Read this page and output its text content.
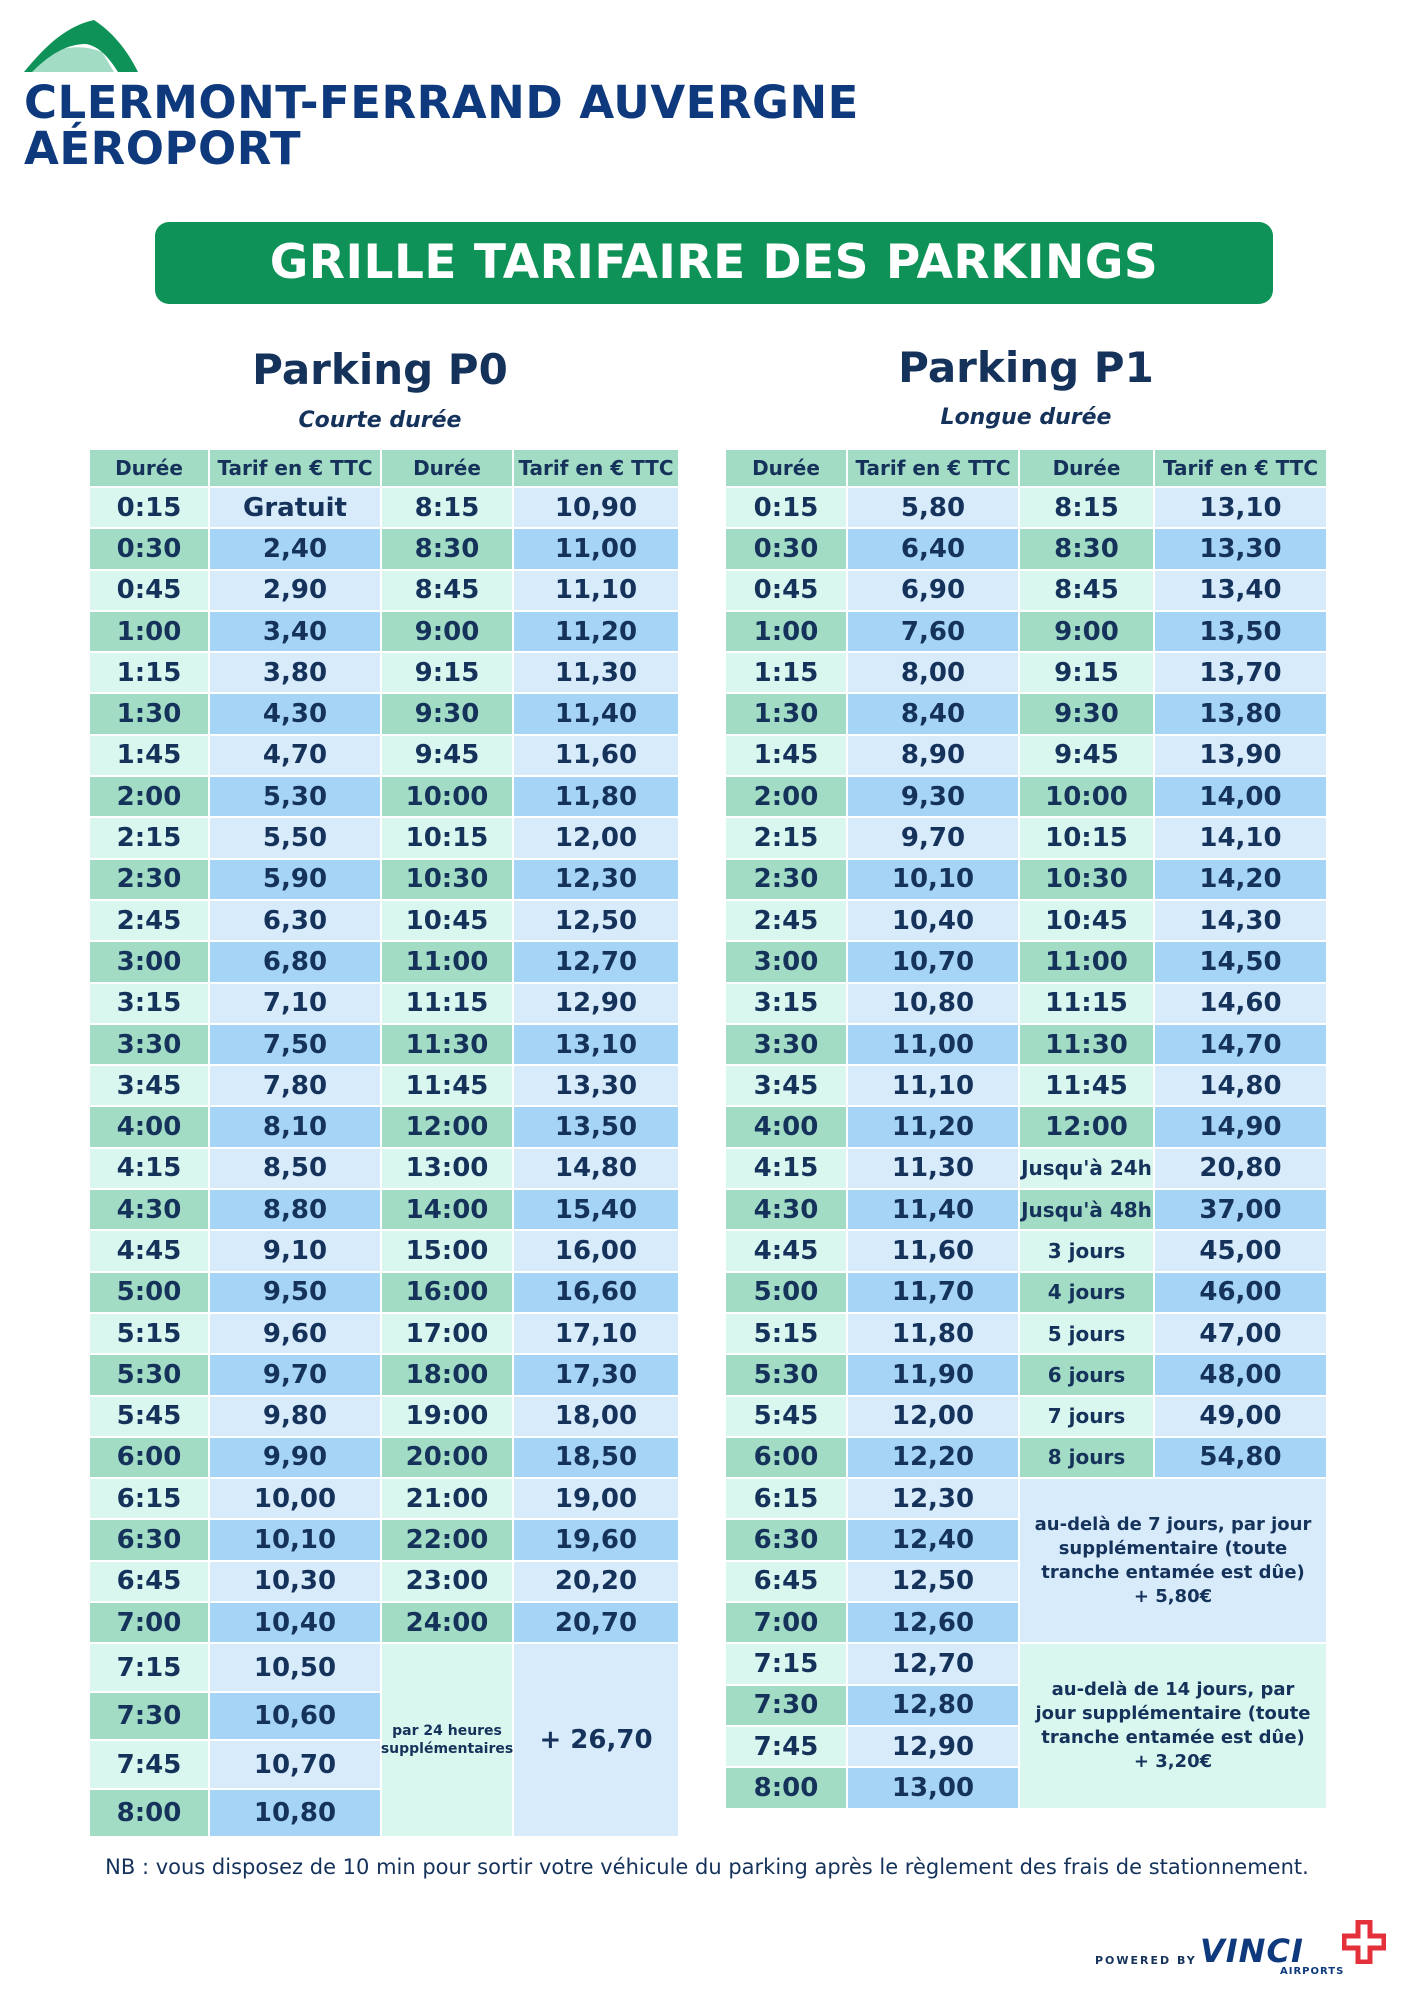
CLERMONT-FERRAND AUVERGNE
AÉROPORT
GRILLE TARIFAIRE DES PARKINGS VOITURE
Parking P0
Courte durée
Parking P1
Longue durée
Durée	Tarif en € TTC	Durée	Tarif en € TTC
0:15	Gratuit	8:15	10,90
0:30	2,40	8:30	11,00
0:45	2,90	8:45	11,10
1:00	3,40	9:00	11,20
1:15	3,80	9:15	11,30
1:30	4,30	9:30	11,40
1:45	4,70	9:45	11,60
2:00	5,30	10:00	11,80
2:15	5,50	10:15	12,00
2:30	5,90	10:30	12,30
2:45	6,30	10:45	12,50
3:00	6,80	11:00	12,70
3:15	7,10	11:15	12,90
3:30	7,50	11:30	13,10
3:45	7,80	11:45	13,30
4:00	8,10	12:00	13,50
4:15	8,50	13:00	14,80
4:30	8,80	14:00	15,40
4:45	9,10	15:00	16,00
5:00	9,50	16:00	16,60
5:15	9,60	17:00	17,10
5:30	9,70	18:00	17,30
5:45	9,80	19:00	18,00
6:00	9,90	20:00	18,50
6:15	10,00	21:00	19,00
6:30	10,10	22:00	19,60
6:45	10,30	23:00	20,20
7:00	10,40	24:00	20,70
7:15	10,50
7:30	10,60
7:45	10,70
8:00	10,80
par 24 heures supplémentaires	+ 26,70
Durée	Tarif en € TTC	Durée	Tarif en € TTC
0:15	5,80	8:15	13,10
0:30	6,40	8:30	13,30
0:45	6,90	8:45	13,40
1:00	7,60	9:00	13,50
1:15	8,00	9:15	13,70
1:30	8,40	9:30	13,80
1:45	8,90	9:45	13,90
2:00	9,30	10:00	14,00
2:15	9,70	10:15	14,10
2:30	10,10	10:30	14,20
2:45	10,40	10:45	14,30
3:00	10,70	11:00	14,50
3:15	10,80	11:15	14,60
3:30	11,00	11:30	14,70
3:45	11,10	11:45	14,80
4:00	11,20	12:00	14,90
4:15	11,30	Jusqu'à 24h	20,80
4:30	11,40	Jusqu'à 48h	37,00
4:45	11,60	3 jours	45,00
5:00	11,70	4 jours	46,00
5:15	11,80	5 jours	47,00
5:30	11,90	6 jours	48,00
5:45	12,00	7 jours	49,00
6:00	12,20	8 jours	54,80
6:15	12,30
6:30	12,40
6:45	12,50
7:00	12,60
7:15	12,70
7:30	12,80
7:45	12,90
8:00	13,00
au-delà de 7 jours, par jour supplémentaire (toute tranche entamée est dûe) + 5,80€
au-delà de 14 jours, par jour supplémentaire (toute tranche entamée est dûe) + 3,20€
NB : vous disposez de 10 min pour sortir votre véhicule du parking après le règlement des frais de stationnement.
POWERED BY VINCI
AIRPORTS
